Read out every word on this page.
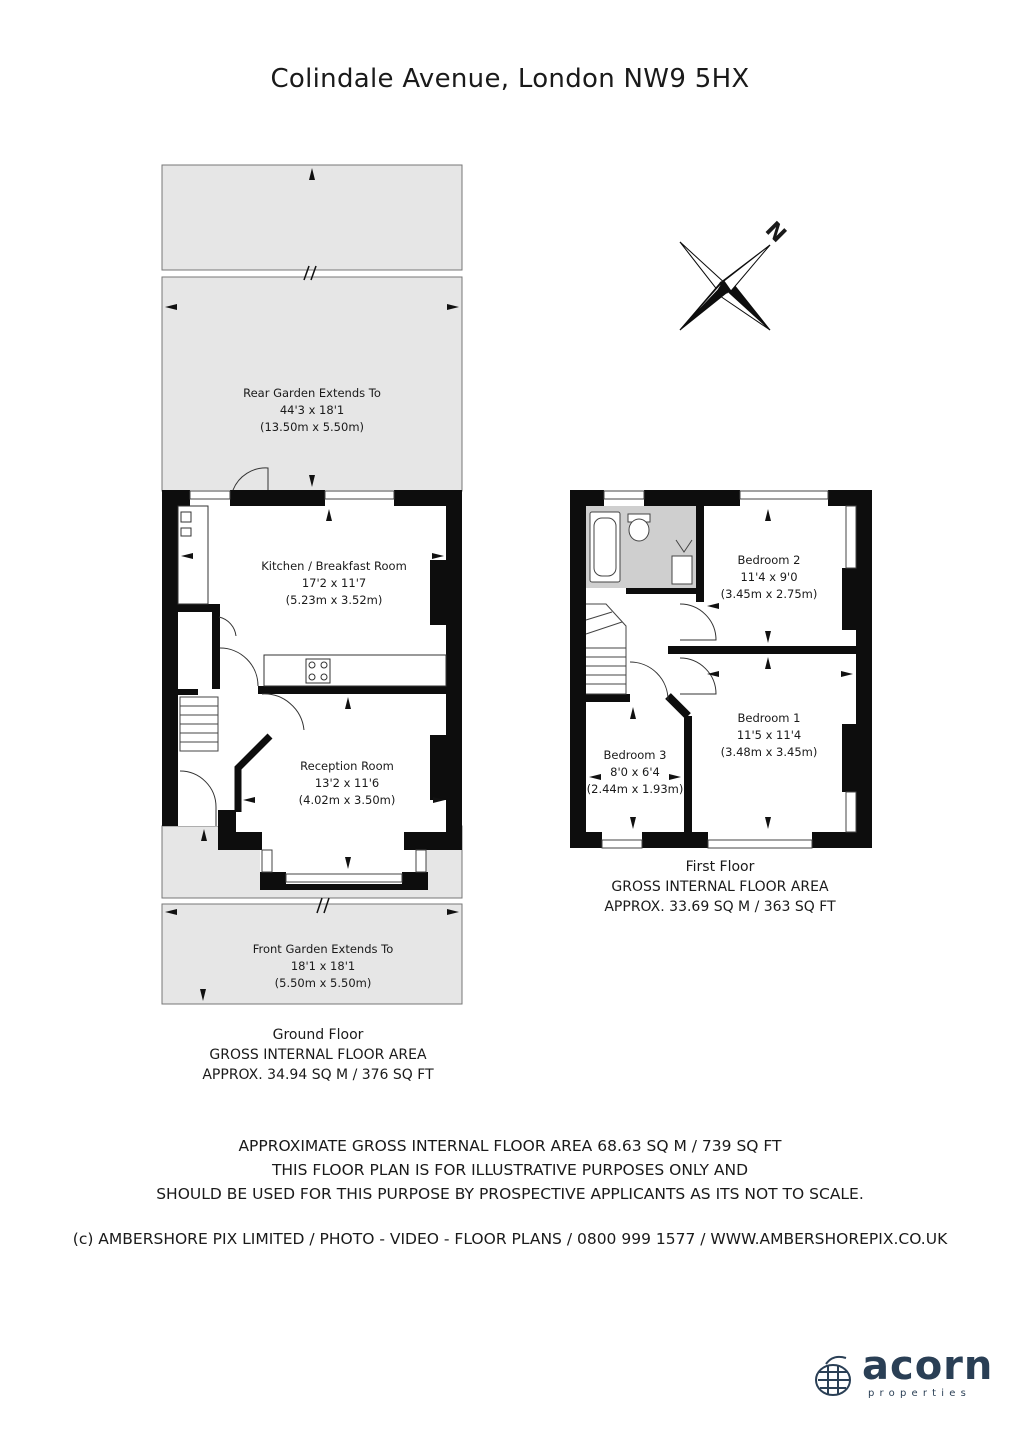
Colindale Avenue, London NW9 5HX
N
Rear Garden Extends To
44'3 x 18'1
(13.50m x 5.50m)
Kitchen / Breakfast Room
17'2 x 11'7
(5.23m x 3.52m)
Reception Room
13'2 x 11'6
(4.02m x 3.50m)
Front Garden Extends To
18'1 x 18'1
(5.50m x 5.50m)
Bedroom 2
11'4 x 9'0
(3.45m x 2.75m)
Bedroom 1
11'5 x 11'4
(3.48m x 3.45m)
Bedroom 3
8'0 x 6'4
(2.44m x 1.93m)
Ground Floor
GROSS INTERNAL FLOOR AREA
APPROX. 34.94 SQ M / 376 SQ FT
First Floor
GROSS INTERNAL FLOOR AREA
APPROX. 33.69 SQ M / 363 SQ FT
APPROXIMATE GROSS INTERNAL FLOOR AREA 68.63 SQ M / 739 SQ FT
THIS FLOOR PLAN IS FOR ILLUSTRATIVE PURPOSES ONLY AND
SHOULD BE USED FOR THIS PURPOSE BY PROSPECTIVE APPLICANTS AS ITS NOT TO SCALE.
(c) AMBERSHORE PIX LIMITED / PHOTO - VIDEO - FLOOR PLANS / 0800 999 1577 / WWW.AMBERSHOREPIX.CO.UK
acorn
properties
